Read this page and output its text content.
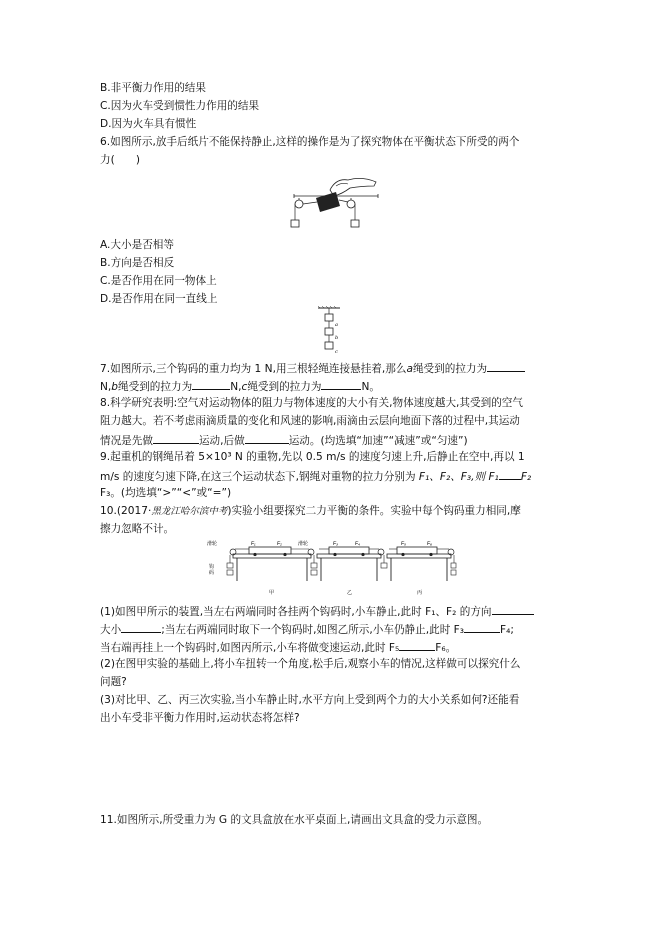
B.非平衡力作用的结果
C.因为火车受到惯性力作用的结果
D.因为火车具有惯性
6.如图所示,放手后纸片不能保持静止,这样的操作是为了探究物体在平衡状态下所受的两个
力(　　)
A.大小是否相等
B.方向是否相反
C.是否作用在同一物体上
D.是否作用在同一直线上
a
b
c
7.如图所示,三个钩码的重力均为 1 N,用三根轻绳连接悬挂着,那么a绳受到的拉力为
N,b绳受到的拉力为	N,c绳受到的拉力为	N。
8.科学研究表明:空气对运动物体的阻力与物体速度的大小有关,物体速度越大,其受到的空气
阻力越大。若不考虑雨滴质量的变化和风速的影响,雨滴由云层向地面下落的过程中,其运动
情况是先做	运动,后做	运动。(均选填“加速”“减速”或“匀速”)
9.起重机的钢绳吊着 5×10³ N 的重物,先以 0.5 m/s 的速度匀速上升,后静止在空中,再以 1
m/s 的速度匀速下降,在这三个运动状态下,钢绳对重物的拉力分别为 F₁、F₂、F₃,则 F₁ F₂
F₃。(均选填“>”“<”或“=”)
10.(2017·黑龙江哈尔滨中考)实验小组要探究二力平衡的条件。实验中每个钩码重力相同,摩
擦力忽略不计。
F₁	F₂
滑轮	滑轮
钩
码
甲
F₃	F₄
乙
F₅	F₆
丙
(1)如图甲所示的装置,当左右两端同时各挂两个钩码时,小车静止,此时 F₁、F₂ 的方向
大小	;当左右两端同时取下一个钩码时,如图乙所示,小车仍静止,此时 F₃	F₄;
当右端再挂上一个钩码时,如图丙所示,小车将做变速运动,此时 F₅	F₆。
(2)在图甲实验的基础上,将小车扭转一个角度,松手后,观察小车的情况,这样做可以探究什么
问题?
(3)对比甲、乙、丙三次实验,当小车静止时,水平方向上受到两个力的大小关系如何?还能看
出小车受非平衡力作用时,运动状态将怎样?
11.如图所示,所受重力为 G 的文具盒放在水平桌面上,请画出文具盒的受力示意图。
